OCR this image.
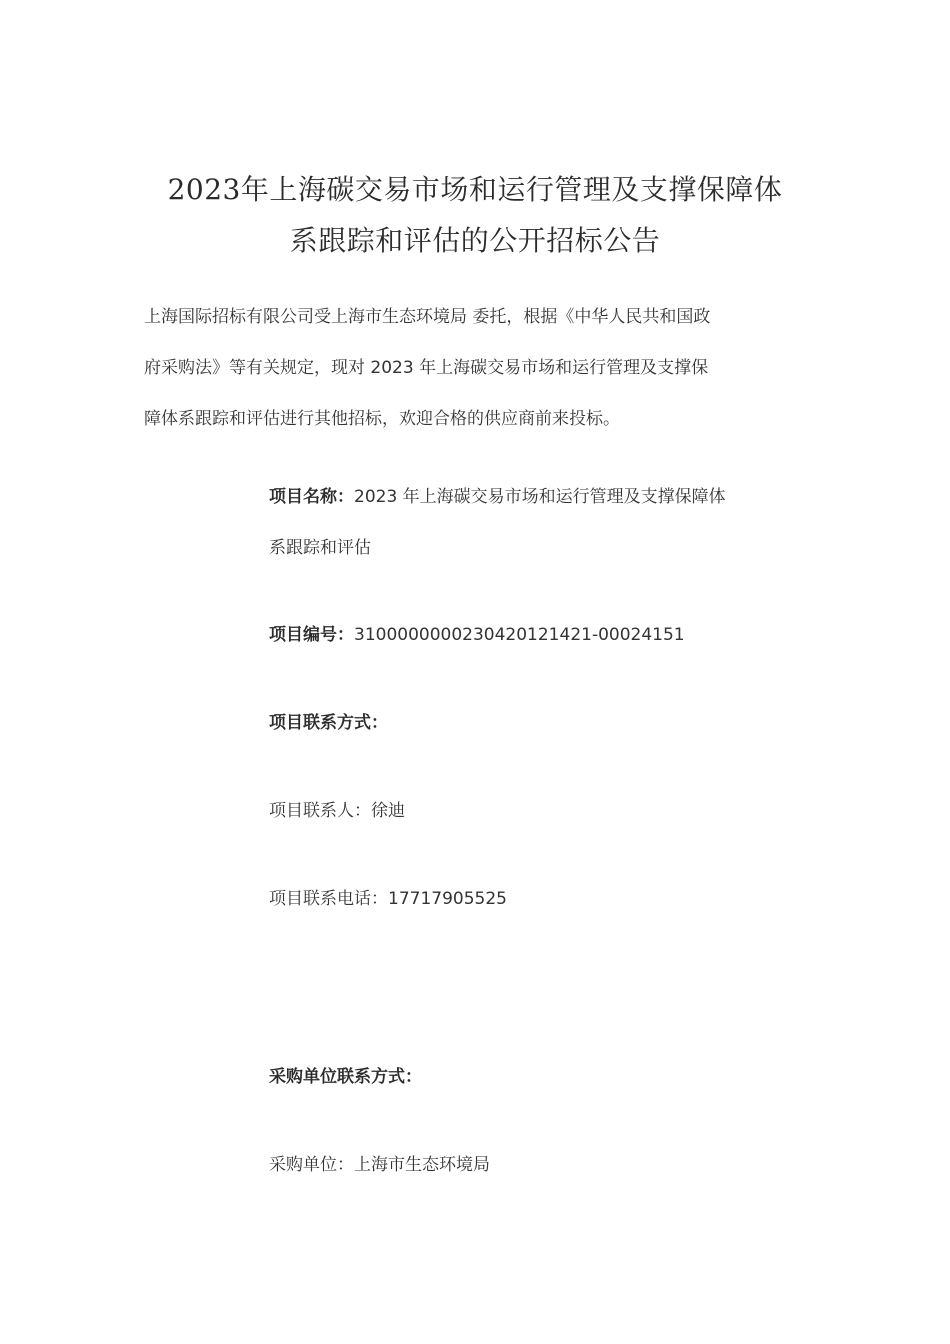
2023年上海碳交易市场和运行管理及支撑保障体
系跟踪和评估的公开招标公告

上海国际招标有限公司受上海市生态环境局 委托，根据《中华人民共和国政
府采购法》等有关规定，现对 2023 年上海碳交易市场和运行管理及支撑保
障体系跟踪和评估进行其他招标，欢迎合格的供应商前来投标。

项目名称：2023 年上海碳交易市场和运行管理及支撑保障体
系跟踪和评估

项目编号：3100000000230420121421-00024151

项目联系方式：

项目联系人：徐迪

项目联系电话：17717905525

采购单位联系方式：

采购单位：上海市生态环境局
